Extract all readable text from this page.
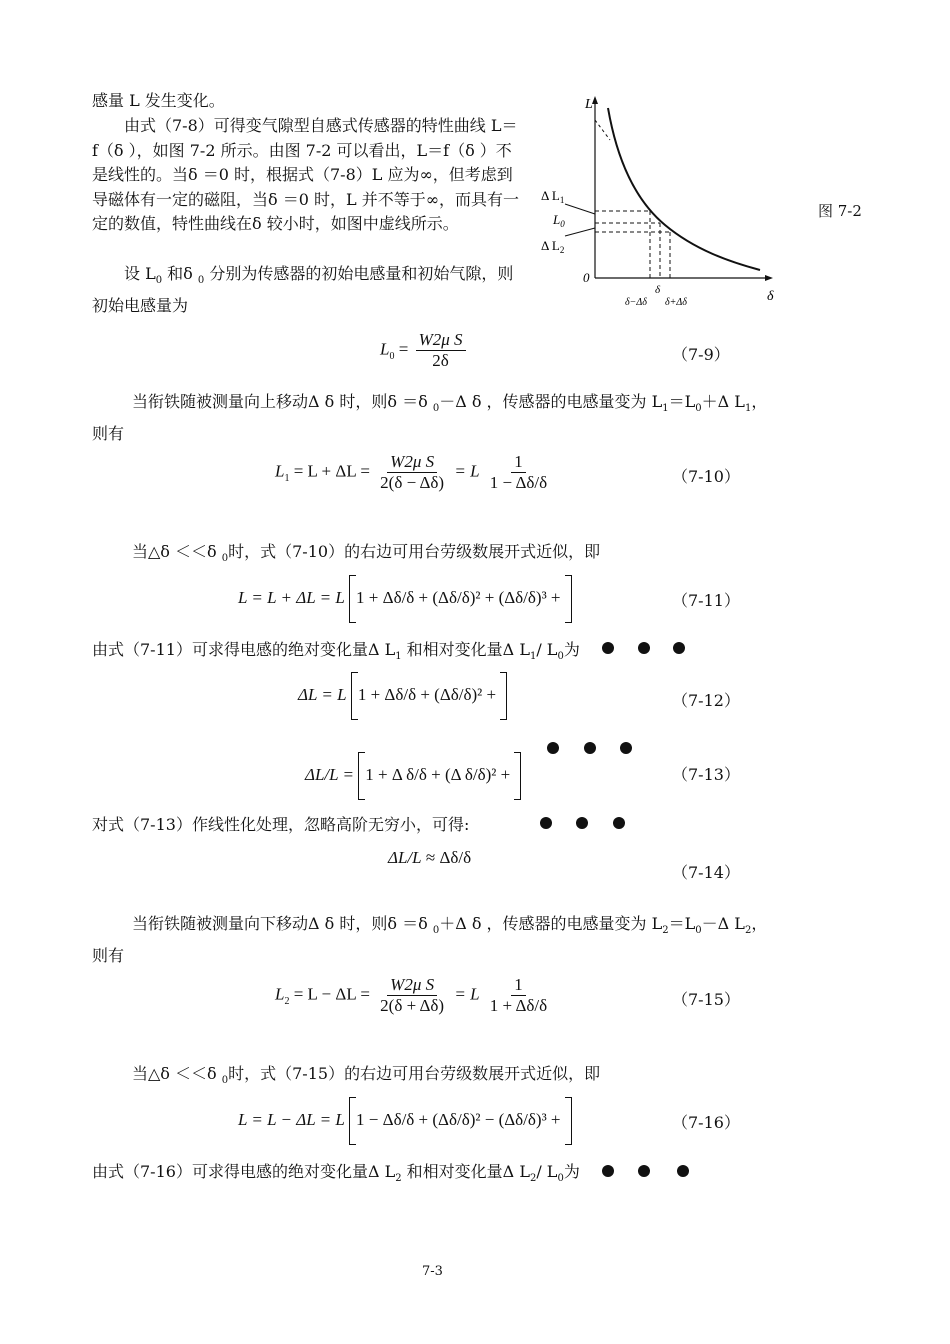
感量 L 发生变化。
由式（7-8）可得变气隙型自感式传感器的特性曲线 L＝f（δ ），如图 7-2 所示。由图 7-2 可以看出，L＝f（δ ）不是线性的。当δ ＝0 时，根据式（7-8）L 应为∞，但考虑到导磁体有一定的磁阻，当δ ＝0 时，L 并不等于∞，而具有一定的数值，特性曲线在δ 较小时，如图中虚线所示。
设 $L_0$ 和δ $_0$ 分别为传感器的初始电感量和初始气隙，则初始电感量为
L
δ
0
Δ $L_1$
$L_0$
Δ $L_2$
δ
δ−Δδ δ+Δδ
图 7-2
$L_0 = \frac{\text{W2μ S}}{2\delta}$	（7-9）
当衔铁随被测量向上移动Δ δ 时，则δ ＝δ $_0$－Δ δ ，传感器的电感量变为 $L_1=L_0+\Delta$ $L_1$，则有
$L_1 = L + \Delta L = \frac{\text{W2μ S}}{2(\delta - \Delta\delta)} = L \frac{1}{1 - \Delta\delta/\delta}$	（7-10）
当△δ ＜＜δ $_0$时，式（7-10）的右边可用台劳级数展开式近似，即
L = L + ΔL = L 1 + Δδ/δ + (Δδ/δ)² + (Δδ/δ)³ +	（7-11）
由式（7-11）可求得电感的绝对变化量Δ $L_1$ 和相对变化量Δ $L_1/$ $L_0$为
ΔL = L 1 + Δδ/δ + (Δδ/δ)² +	（7-12）
ΔL/L = 1 + Δ δ/δ + (Δ δ/δ)² +	（7-13）
对式（7-13）作线性化处理，忽略高阶无穷小，可得:
ΔL/L ≈ Δδ/δ
（7-14）
当衔铁随被测量向下移动Δ δ 时，则δ ＝δ $_0$＋Δ δ ，传感器的电感量变为 $L_2=L_0-\Delta$ $L_2$，则有
$L_2 = L - \Delta L = \frac{\text{W2μ S}}{2(\delta + \Delta\delta)} = L \frac{1}{1 + \Delta\delta/\delta}$	（7-15）
当△δ ＜＜δ $_0$时，式（7-15）的右边可用台劳级数展开式近似，即
L = L − ΔL = L 1 − Δδ/δ + (Δδ/δ)² − (Δδ/δ)³ +	（7-16）
由式（7-16）可求得电感的绝对变化量Δ $L_2$ 和相对变化量Δ $L_2/$ $L_0$为
7-3
